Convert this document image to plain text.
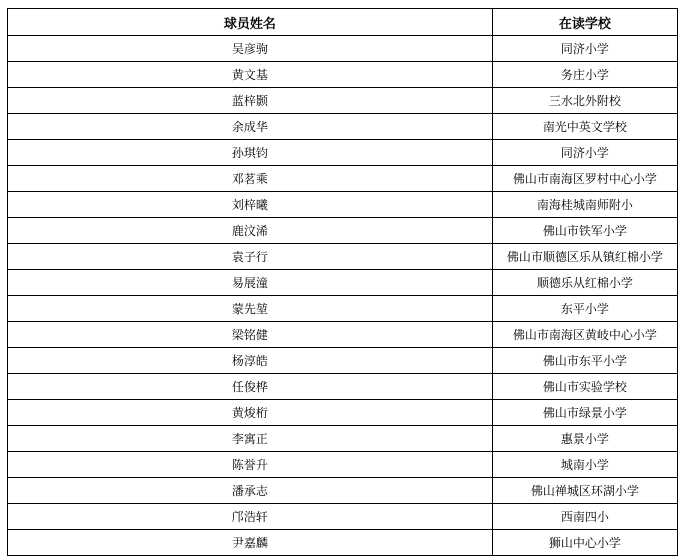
球员姓名	在读学校
吴彦驹	同济小学
黄文基	务庄小学
蓝梓颢	三水北外附校
余成华	南光中英文学校
孙琪钧	同济小学
邓茗乘	佛山市南海区罗村中心小学
刘梓曦	南海桂城南师附小
鹿汶浠	佛山市铁军小学
袁子行	佛山市顺德区乐从镇红棉小学
易展潼	顺德乐从红棉小学
蒙先堃	东平小学
梁铭健	佛山市南海区黄岐中心小学
杨淳皓	佛山市东平小学
任俊桦	佛山市实验学校
黄焌桁	佛山市绿景小学
李寓正	惠景小学
陈誉升	城南小学
潘承志	佛山禅城区环湖小学
邝浩轩	西南四小
尹嘉麟	狮山中心小学
